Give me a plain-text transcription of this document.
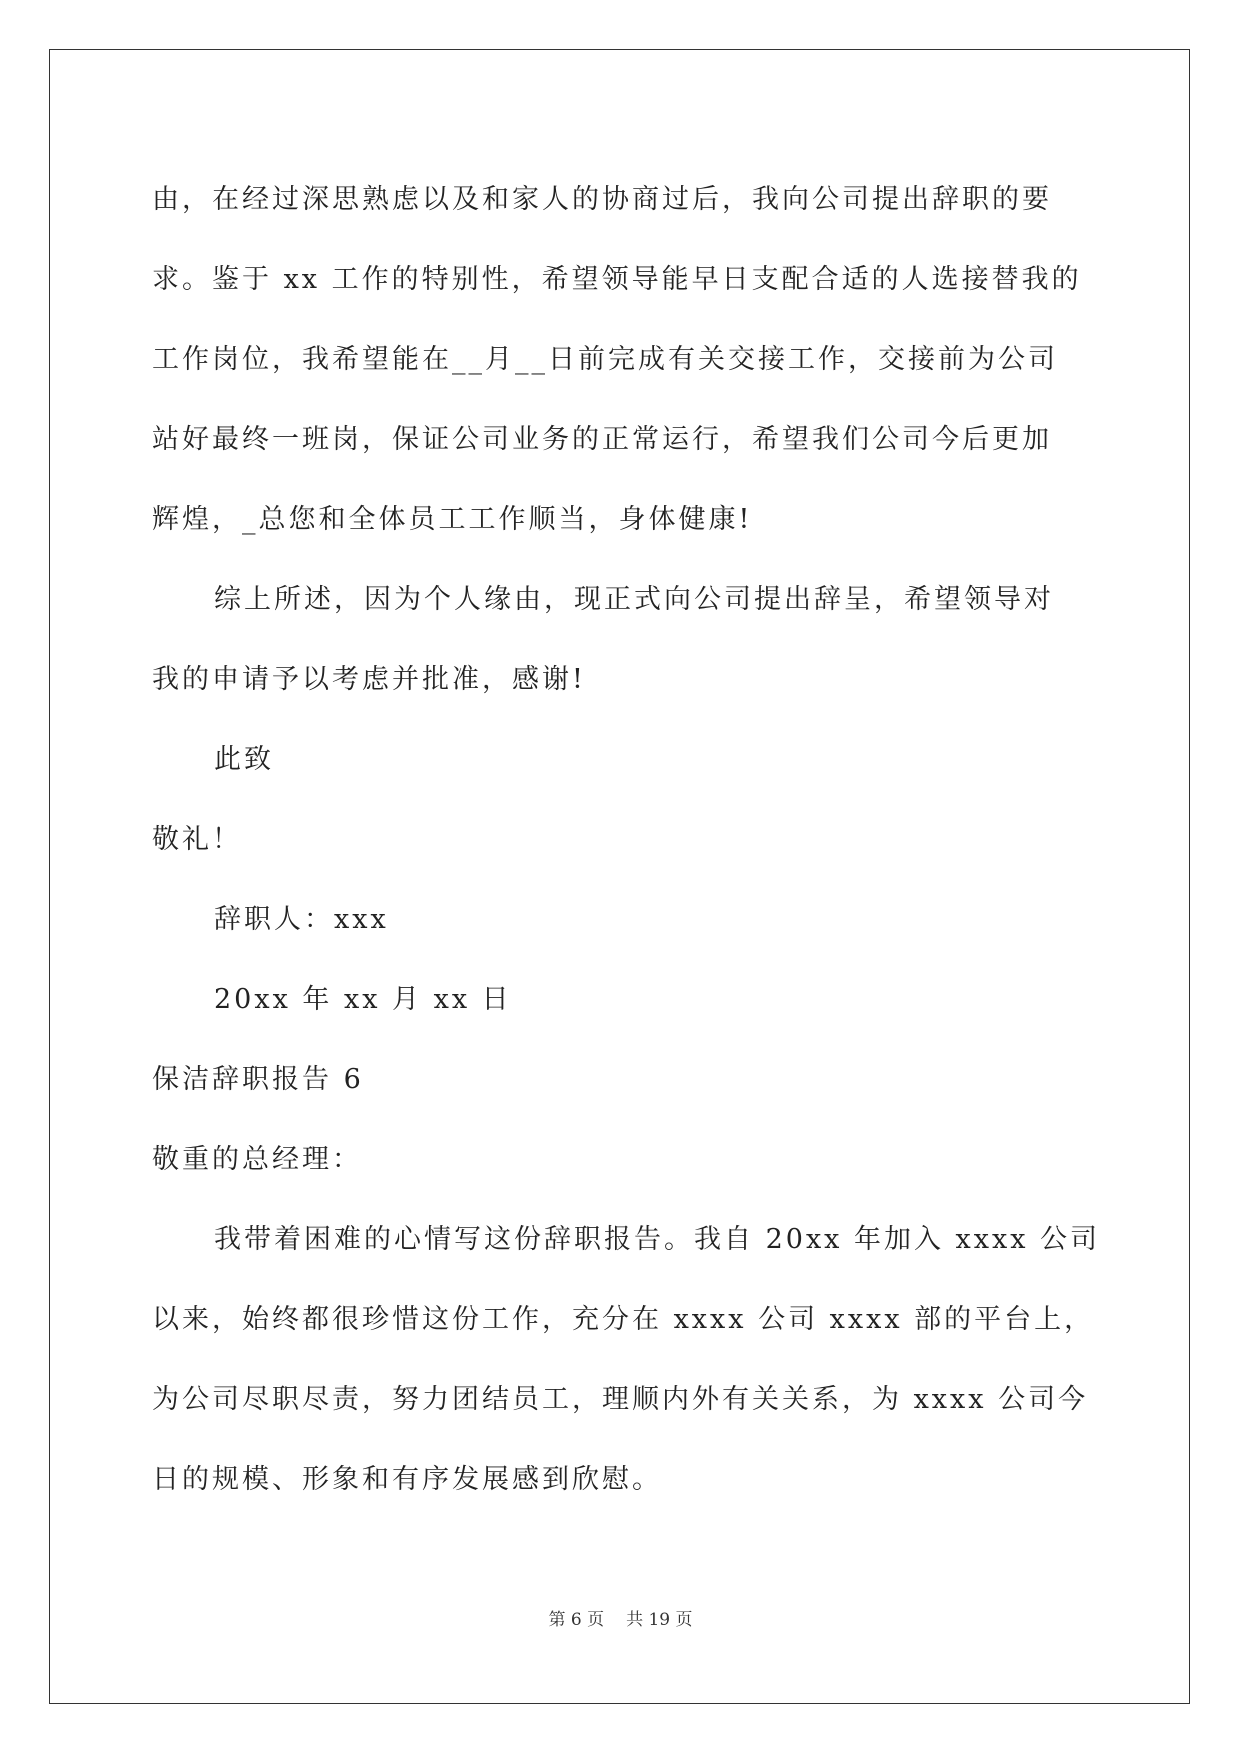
由，在经过深思熟虑以及和家人的协商过后，我向公司提出辞职的要
求。鉴于 xx 工作的特别性，希望领导能早日支配合适的人选接替我的
工作岗位，我希望能在__月__日前完成有关交接工作，交接前为公司
站好最终一班岗，保证公司业务的正常运行，希望我们公司今后更加
辉煌，_总您和全体员工工作顺当，身体健康!
综上所述，因为个人缘由，现正式向公司提出辞呈，希望领导对
我的申请予以考虑并批准，感谢!
此致
敬礼！
辞职人：xxx
20xx 年 xx 月 xx 日
保洁辞职报告 6
敬重的总经理：
我带着困难的心情写这份辞职报告。我自 20xx 年加入 xxxx 公司
以来，始终都很珍惜这份工作，充分在 xxxx 公司 xxxx 部的平台上，
为公司尽职尽责，努力团结员工，理顺内外有关关系，为 xxxx 公司今
日的规模、形象和有序发展感到欣慰。
第 6 页 共 19 页
